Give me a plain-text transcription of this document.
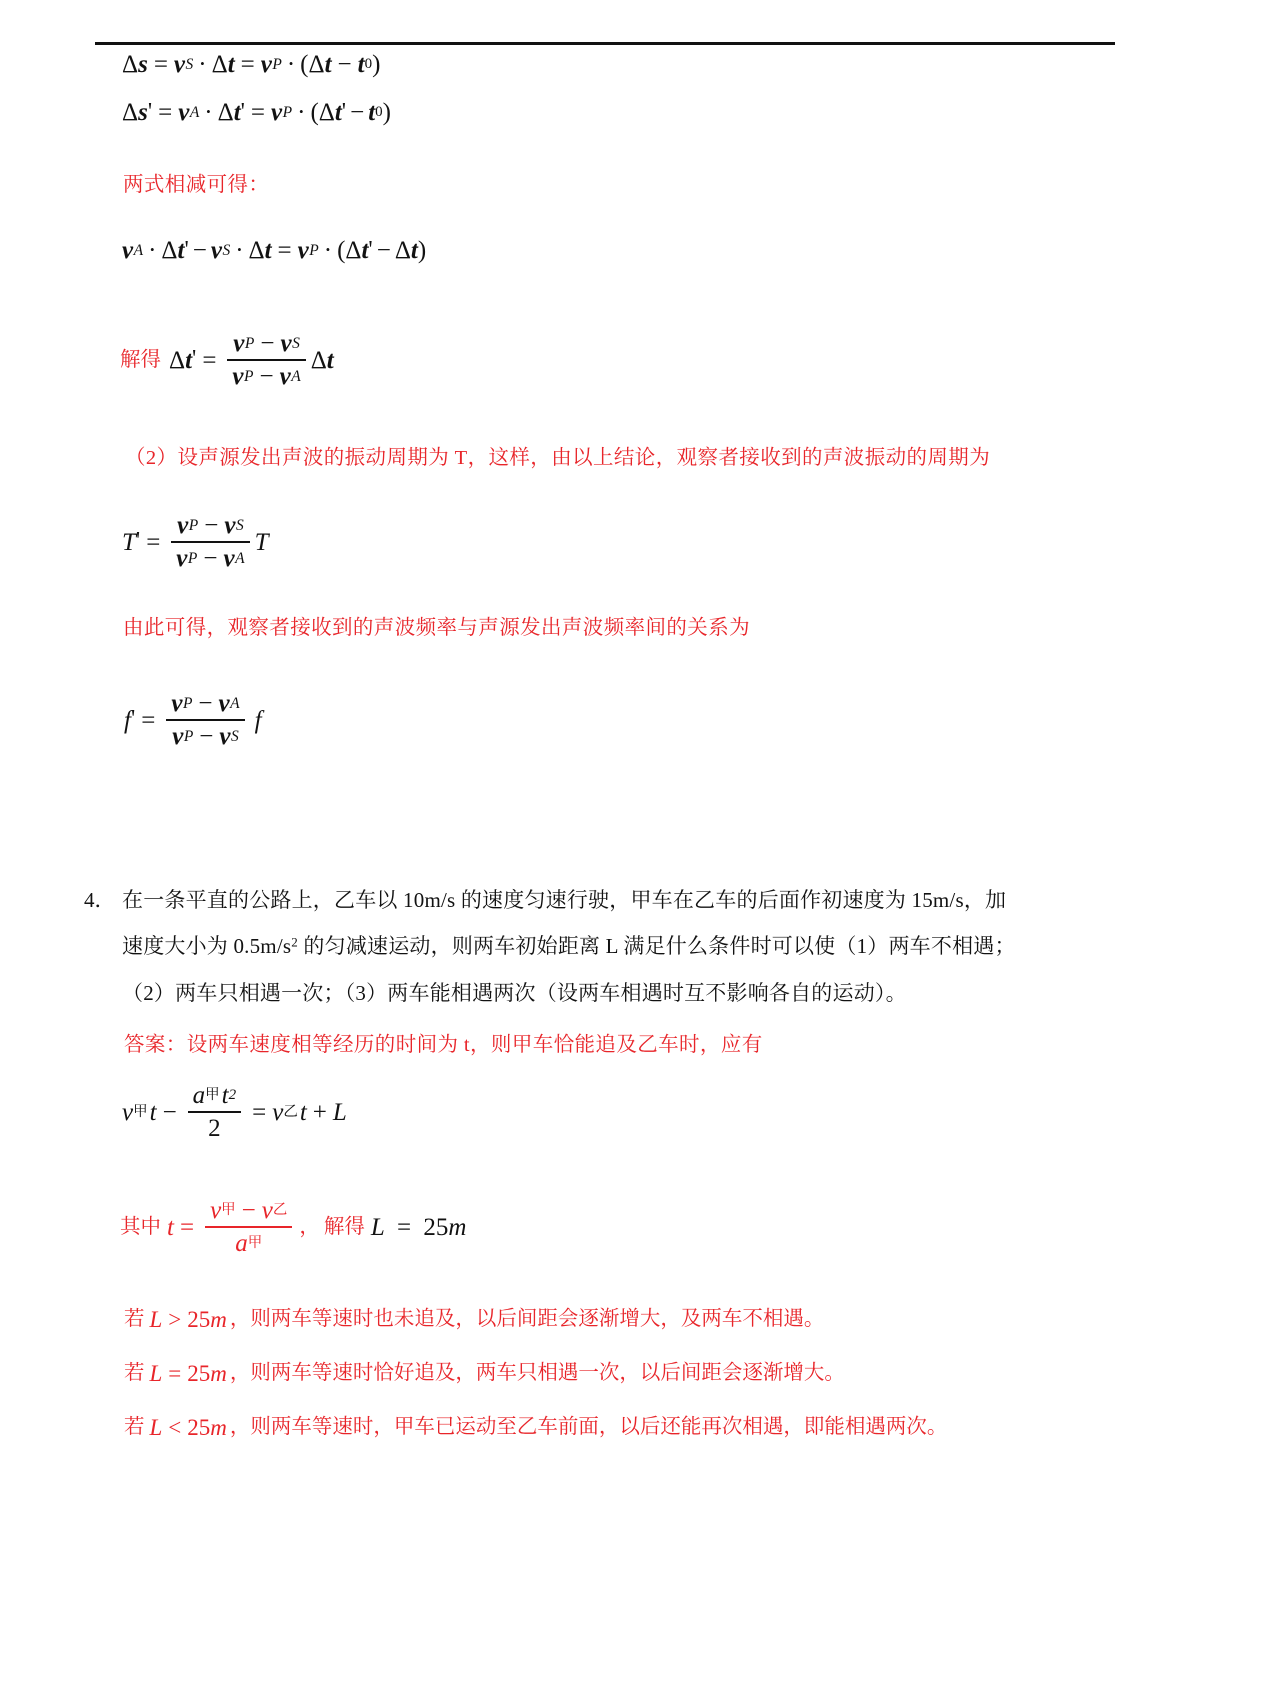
Δ s = v S · Δ t = v P · ( Δ t − t 0 )
Δ s ' = v A · Δ t ' = v P · ( Δ t ' − t 0 )
两式相减可得：
v A · Δ t ' − v S · Δ t = v P · ( Δ t ' − Δ t )
解得 Δ t ' = $\frac{\text{v P − v S}}{\text{v P − v A}}$ Δ t
（2）设声源发出声波的振动周期为 T，这样，由以上结论，观察者接收到的声波振动的周期为
T ' = $\frac{\text{v P − v S}}{\text{v P − v A}}$ T
由此可得，观察者接收到的声波频率与声源发出声波频率间的关系为
f ' = $\frac{\text{v P − v A}}{\text{v P − v S}}$ f
4． 在一条平直的公路上，乙车以 10m/s 的速度匀速行驶，甲车在乙车的后面作初速度为 15m/s，加
速度大小为 $0.5m/s^2$ 的匀减速运动，则两车初始距离 L 满足什么条件时可以使（1）两车不相遇；
（2）两车只相遇一次；（3）两车能相遇两次（设两车相遇时互不影响各自的运动）。
答案：设两车速度相等经历的时间为 t，则甲车恰能追及乙车时，应有
v 甲 $t - \frac{\text{a 甲 t 2}}{2} = v$ 乙 t + L
其中 $t = \frac{\text{v 甲 − v 乙}}{\text{a 甲}}$ ， 解得 L = 25m
若 L > 25 m ，则两车等速时也未追及，以后间距会逐渐增大，及两车不相遇。
若 L = 25 m ，则两车等速时恰好追及，两车只相遇一次，以后间距会逐渐增大。
若 L < 25 m ，则两车等速时，甲车已运动至乙车前面，以后还能再次相遇，即能相遇两次。
